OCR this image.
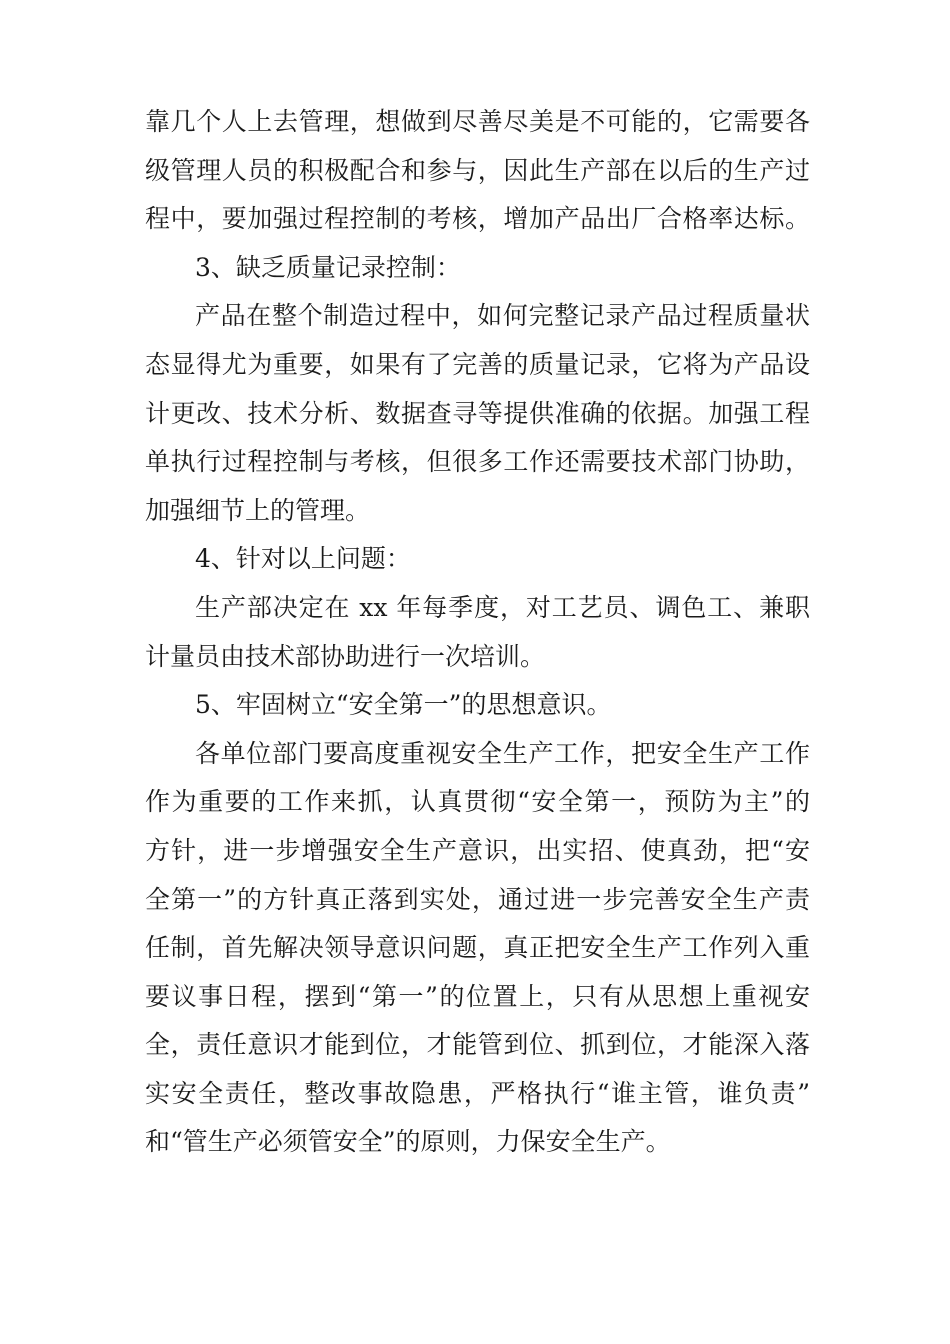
靠几个人上去管理，想做到尽善尽美是不可能的，它需要各
级管理人员的积极配合和参与，因此生产部在以后的生产过
程中，要加强过程控制的考核，增加产品出厂合格率达标。
3、缺乏质量记录控制：
产品在整个制造过程中，如何完整记录产品过程质量状
态显得尤为重要，如果有了完善的质量记录，它将为产品设
计更改、技术分析、数据查寻等提供准确的依据。加强工程
单执行过程控制与考核，但很多工作还需要技术部门协助，
加强细节上的管理。
4、针对以上问题：
生产部决定在 xx 年每季度，对工艺员、调色工、兼职
计量员由技术部协助进行一次培训。
5、牢固树立“安全第一”的思想意识。
各单位部门要高度重视安全生产工作，把安全生产工作
作为重要的工作来抓，认真贯彻“安全第一，预防为主”的
方针，进一步增强安全生产意识，出实招、使真劲，把“安
全第一”的方针真正落到实处，通过进一步完善安全生产责
任制，首先解决领导意识问题，真正把安全生产工作列入重
要议事日程，摆到“第一”的位置上，只有从思想上重视安
全，责任意识才能到位，才能管到位、抓到位，才能深入落
实安全责任，整改事故隐患，严格执行“谁主管，谁负责”
和“管生产必须管安全”的原则，力保安全生产。
